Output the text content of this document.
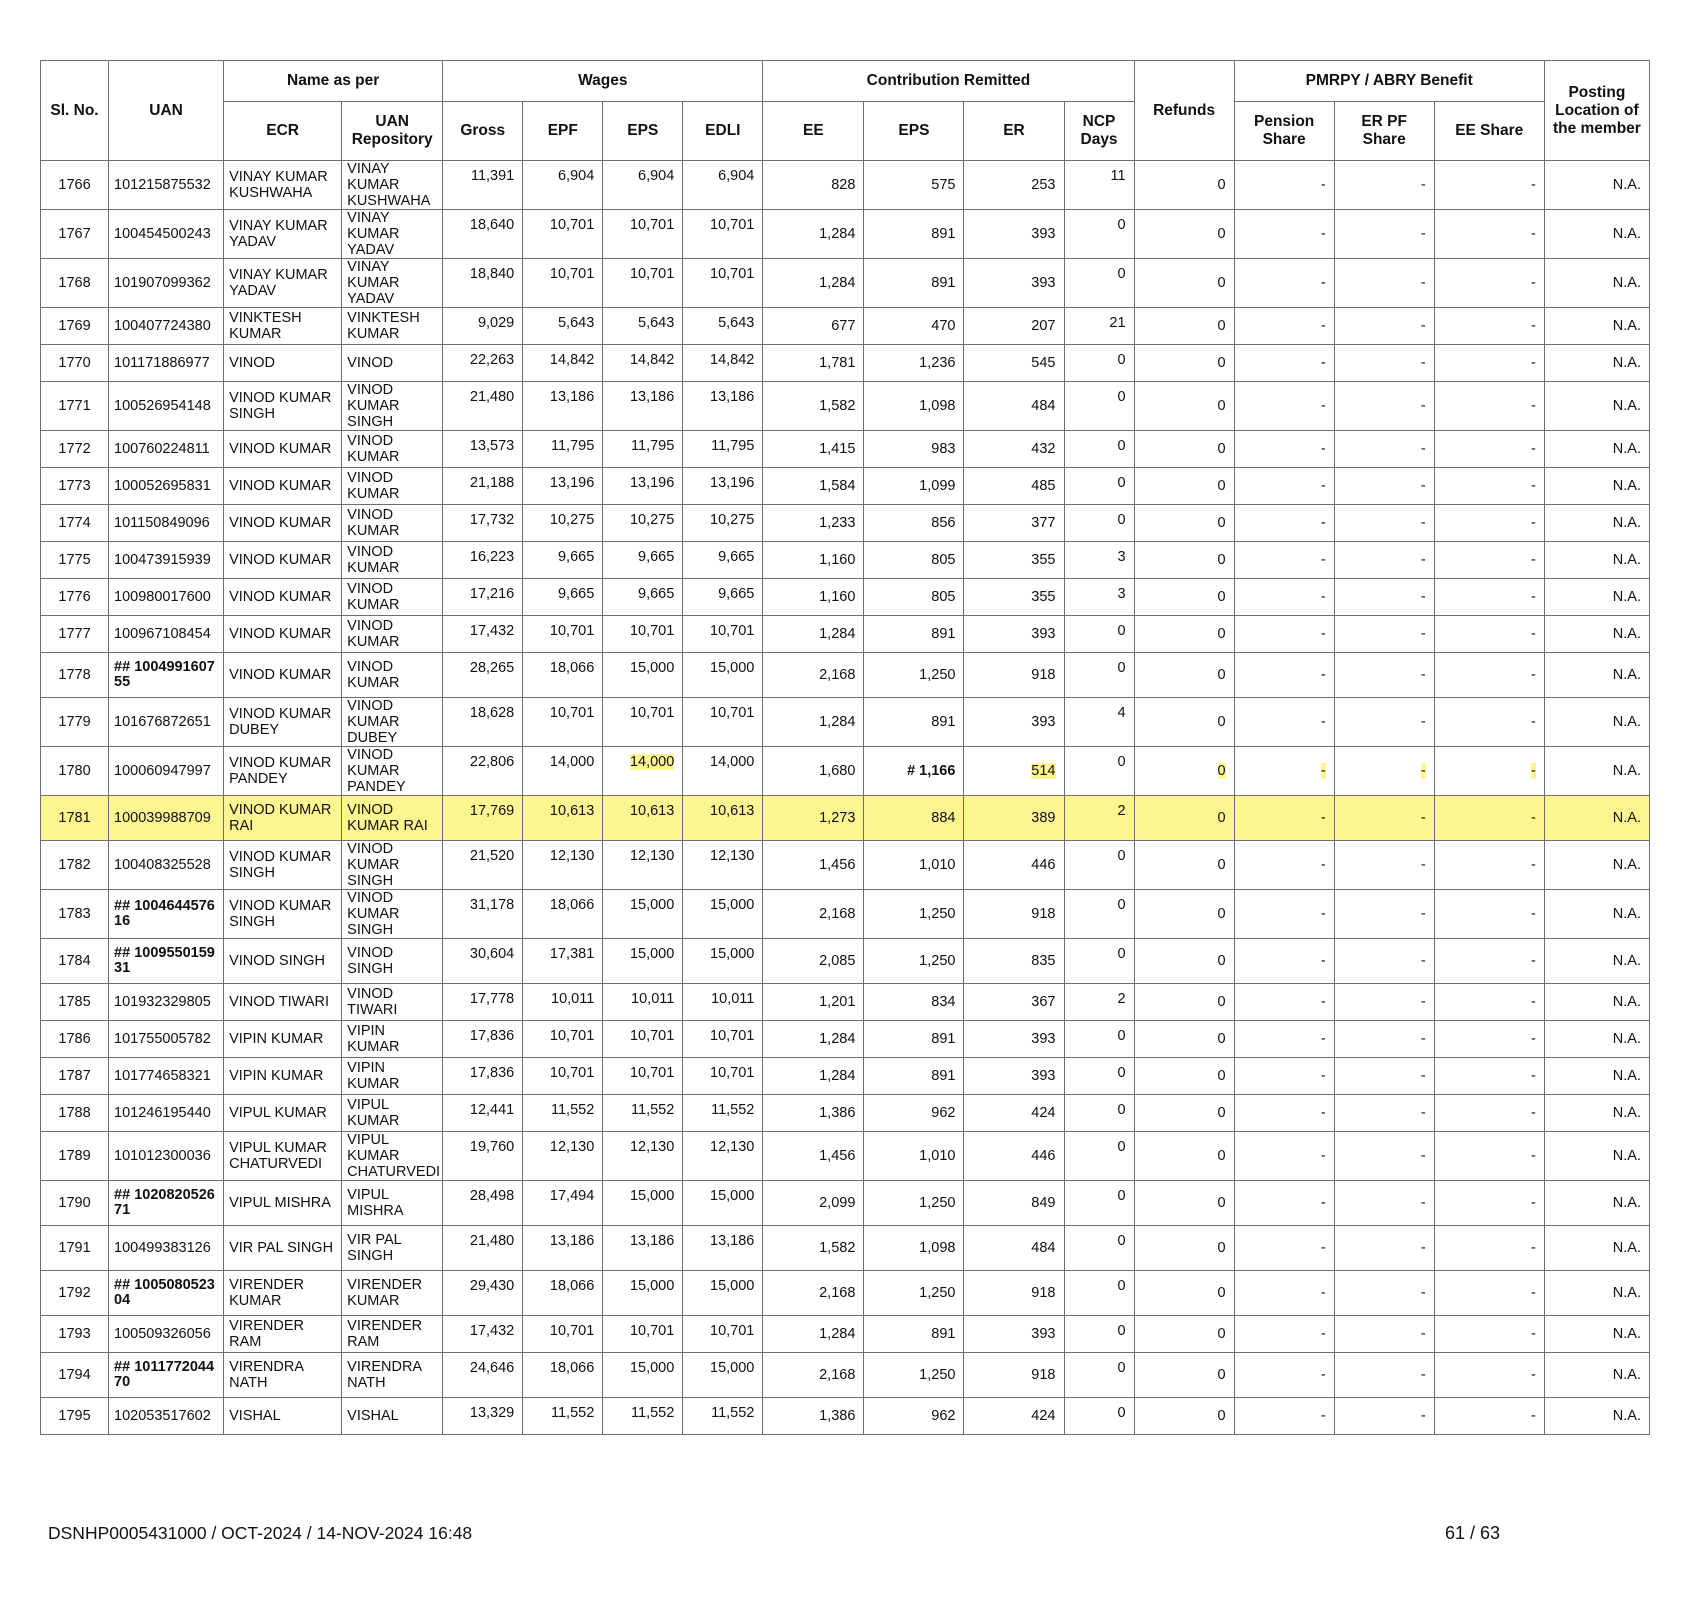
Sl. No.	UAN	Name as per		Wages				Contribution Remitted				Refunds	PMRPY / ABRY Benefit			Posting Location of the member
		ECR	UAN Repository	Gross	EPF	EPS	EDLI	EE	EPS	ER	NCP Days		Pension Share	ER PF Share	EE Share	
1766	101215875532	VINAY KUMAR KUSHWAHA	VINAY KUMAR KUSHWAHA	11,391	6,904	6,904	6,904	828	575	253	11	0	-	-	-	N.A.
1767	100454500243	VINAY KUMAR YADAV	VINAY KUMAR YADAV	18,640	10,701	10,701	10,701	1,284	891	393	0	0	-	-	-	N.A.
1768	101907099362	VINAY KUMAR YADAV	VINAY KUMAR YADAV	18,840	10,701	10,701	10,701	1,284	891	393	0	0	-	-	-	N.A.
1769	100407724380	VINKTESH KUMAR	VINKTESH KUMAR	9,029	5,643	5,643	5,643	677	470	207	21	0	-	-	-	N.A.
1770	101171886977	VINOD	VINOD	22,263	14,842	14,842	14,842	1,781	1,236	545	0	0	-	-	-	N.A.
1771	100526954148	VINOD KUMAR SINGH	VINOD KUMAR SINGH	21,480	13,186	13,186	13,186	1,582	1,098	484	0	0	-	-	-	N.A.
1772	100760224811	VINOD KUMAR	VINOD KUMAR	13,573	11,795	11,795	11,795	1,415	983	432	0	0	-	-	-	N.A.
1773	100052695831	VINOD KUMAR	VINOD KUMAR	21,188	13,196	13,196	13,196	1,584	1,099	485	0	0	-	-	-	N.A.
1774	101150849096	VINOD KUMAR	VINOD KUMAR	17,732	10,275	10,275	10,275	1,233	856	377	0	0	-	-	-	N.A.
1775	100473915939	VINOD KUMAR	VINOD KUMAR	16,223	9,665	9,665	9,665	1,160	805	355	3	0	-	-	-	N.A.
1776	100980017600	VINOD KUMAR	VINOD KUMAR	17,216	9,665	9,665	9,665	1,160	805	355	3	0	-	-	-	N.A.
1777	100967108454	VINOD KUMAR	VINOD KUMAR	17,432	10,701	10,701	10,701	1,284	891	393	0	0	-	-	-	N.A.
1778	## 100499160755	VINOD KUMAR	VINOD KUMAR	28,265	18,066	15,000	15,000	2,168	1,250	918	0	0	-	-	-	N.A.
1779	101676872651	VINOD KUMAR DUBEY	VINOD KUMAR DUBEY	18,628	10,701	10,701	10,701	1,284	891	393	4	0	-	-	-	N.A.
1780	100060947997	VINOD KUMAR PANDEY	VINOD KUMAR PANDEY	22,806	14,000	14,000	14,000	1,680	# 1,166	514	0	0	-	-	-	N.A.
1781	100039988709	VINOD KUMAR RAI	VINOD KUMAR RAI	17,769	10,613	10,613	10,613	1,273	884	389	2	0	-	-	-	N.A.
1782	100408325528	VINOD KUMAR SINGH	VINOD KUMAR SINGH	21,520	12,130	12,130	12,130	1,456	1,010	446	0	0	-	-	-	N.A.
1783	## 100464457616	VINOD KUMAR SINGH	VINOD KUMAR SINGH	31,178	18,066	15,000	15,000	2,168	1,250	918	0	0	-	-	-	N.A.
1784	## 100955015931	VINOD SINGH	VINOD SINGH	30,604	17,381	15,000	15,000	2,085	1,250	835	0	0	-	-	-	N.A.
1785	101932329805	VINOD TIWARI	VINOD TIWARI	17,778	10,011	10,011	10,011	1,201	834	367	2	0	-	-	-	N.A.
1786	101755005782	VIPIN KUMAR	VIPIN KUMAR	17,836	10,701	10,701	10,701	1,284	891	393	0	0	-	-	-	N.A.
1787	101774658321	VIPIN KUMAR	VIPIN KUMAR	17,836	10,701	10,701	10,701	1,284	891	393	0	0	-	-	-	N.A.
1788	101246195440	VIPUL KUMAR	VIPUL KUMAR	12,441	11,552	11,552	11,552	1,386	962	424	0	0	-	-	-	N.A.
1789	101012300036	VIPUL KUMAR CHATURVEDI	VIPUL KUMAR CHATURVEDI	19,760	12,130	12,130	12,130	1,456	1,010	446	0	0	-	-	-	N.A.
1790	## 102082052671	VIPUL MISHRA	VIPUL MISHRA	28,498	17,494	15,000	15,000	2,099	1,250	849	0	0	-	-	-	N.A.
1791	100499383126	VIR PAL SINGH	VIR PAL SINGH	21,480	13,186	13,186	13,186	1,582	1,098	484	0	0	-	-	-	N.A.
1792	## 100508052304	VIRENDER KUMAR	VIRENDER KUMAR	29,430	18,066	15,000	15,000	2,168	1,250	918	0	0	-	-	-	N.A.
1793	100509326056	VIRENDER RAM	VIRENDER RAM	17,432	10,701	10,701	10,701	1,284	891	393	0	0	-	-	-	N.A.
1794	## 101177204470	VIRENDRA NATH	VIRENDRA NATH	24,646	18,066	15,000	15,000	2,168	1,250	918	0	0	-	-	-	N.A.
1795	102053517602	VISHAL	VISHAL	13,329	11,552	11,552	11,552	1,386	962	424	0	0	-	-	-	N.A.
DSNHP0005431000 / OCT-2024 / 14-NOV-2024 16:48	61 / 63
